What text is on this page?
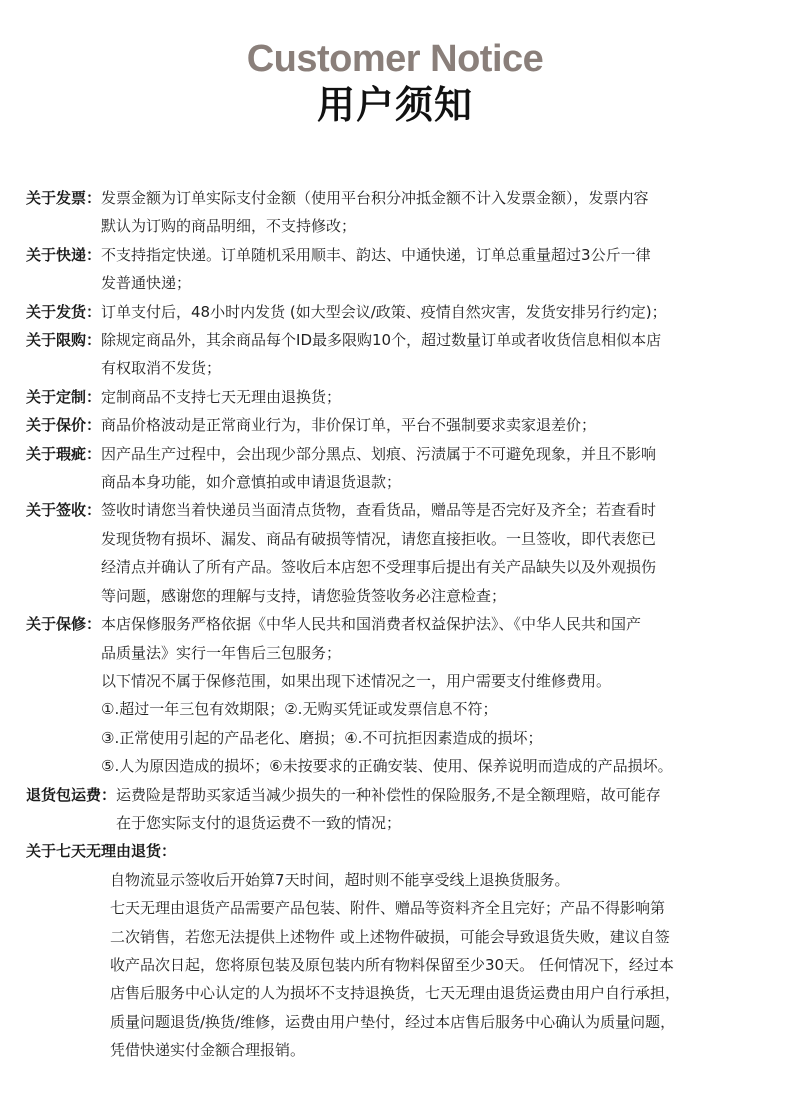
Customer Notice
用户须知
关于发票： 发票金额为订单实际支付金额（使用平台积分冲抵金额不计入发票金额），发票内容
默认为订购的商品明细，不支持修改；
关于快递： 不支持指定快递。订单随机采用顺丰、韵达、中通快递，订单总重量超过3公斤一律
发普通快递；
关于发货： 订单支付后，48小时内发货 (如大型会议/政策、疫情自然灾害，发货安排另行约定)；
关于限购： 除规定商品外，其余商品每个ID最多限购10个，超过数量订单或者收货信息相似本店
有权取消不发货；
关于定制： 定制商品不支持七天无理由退换货；
关于保价： 商品价格波动是正常商业行为，非价保订单，平台不强制要求卖家退差价；
关于瑕疵： 因产品生产过程中，会出现少部分黑点、划痕、污渍属于不可避免现象，并且不影响
商品本身功能，如介意慎拍或申请退货退款；
关于签收： 签收时请您当着快递员当面清点货物，查看货品，赠品等是否完好及齐全；若查看时
发现货物有损坏、漏发、商品有破损等情况，请您直接拒收。一旦签收，即代表您已
经清点并确认了所有产品。签收后本店恕不受理事后提出有关产品缺失以及外观损伤
等问题，感谢您的理解与支持，请您验货签收务必注意检查；
关于保修： 本店保修服务严格依据《中华人民共和国消费者权益保护法》、《中华人民共和国产
品质量法》实行一年售后三包服务；
以下情况不属于保修范围，如果出现下述情况之一，用户需要支付维修费用。
①.超过一年三包有效期限；②.无购买凭证或发票信息不符；
③.正常使用引起的产品老化、磨损；④.不可抗拒因素造成的损坏；
⑤.人为原因造成的损坏；⑥未按要求的正确安装、使用、保养说明而造成的产品损坏。
退货包运费： 运费险是帮助买家适当减少损失的一种补偿性的保险服务,不是全额理赔，故可能存
在于您实际支付的退货运费不一致的情况；
关于七天无理由退货：
自物流显示签收后开始算7天时间，超时则不能享受线上退换货服务。
七天无理由退货产品需要产品包装、附件、赠品等资料齐全且完好；产品不得影响第
二次销售，若您无法提供上述物件 或上述物件破损，可能会导致退货失败，建议自签
收产品次日起，您将原包装及原包装内所有物料保留至少30天。 任何情况下，经过本
店售后服务中心认定的人为损坏不支持退换货，七天无理由退货运费由用户自行承担，
质量问题退货/换货/维修，运费由用户垫付，经过本店售后服务中心确认为质量问题，
凭借快递实付金额合理报销。
